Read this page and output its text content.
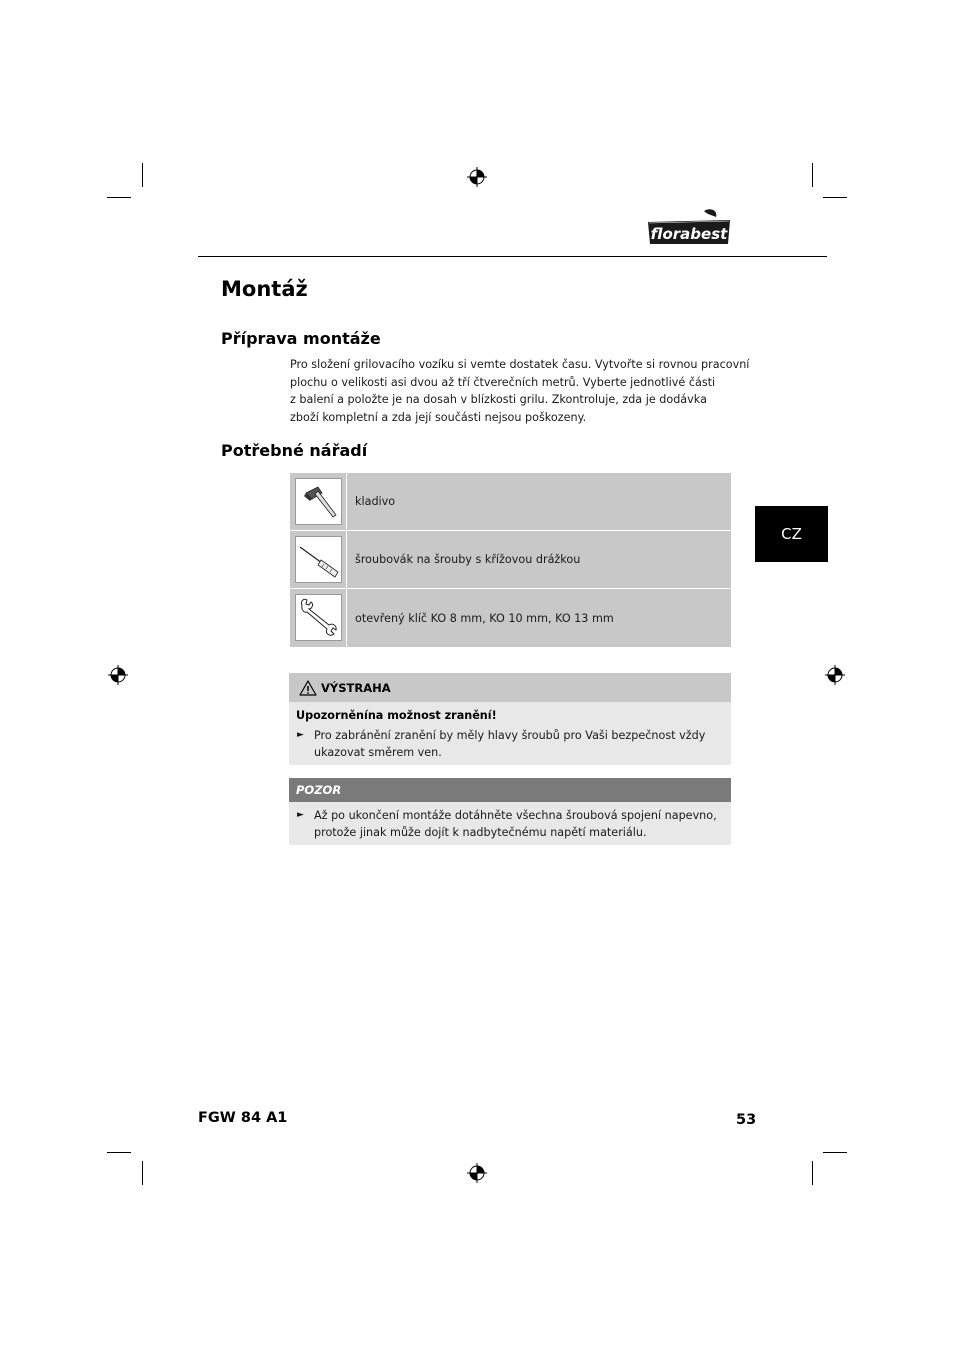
florabest
Montáž
Příprava montáže
Pro složení grilovacího vozíku si vemte dostatek času. Vytvořte si rovnou pracovní
plochu o velikosti asi dvou až tří čtverečních metrů. Vyberte jednotlivé části
z balení a položte je na dosah v blízkosti grilu. Zkontroluje, zda je dodávka
zboží kompletní a zda její součásti nejsou poškozeny.
Potřebné nářadí
kladivo
šroubovák na šrouby s křížovou drážkou
otevřený klíč KO 8 mm, KO 10 mm, KO 13 mm
CZ
VÝSTRAHA
Upozorněnína možnost zranění!
► Pro zabránění zranění by měly hlavy šroubů pro Vaši bezpečnost vždy
ukazovat směrem ven.
POZOR
► Až po ukončení montáže dotáhněte všechna šroubová spojení napevno,
protože jinak může dojít k nadbytečnému napětí materiálu.
FGW 84 A1	53
